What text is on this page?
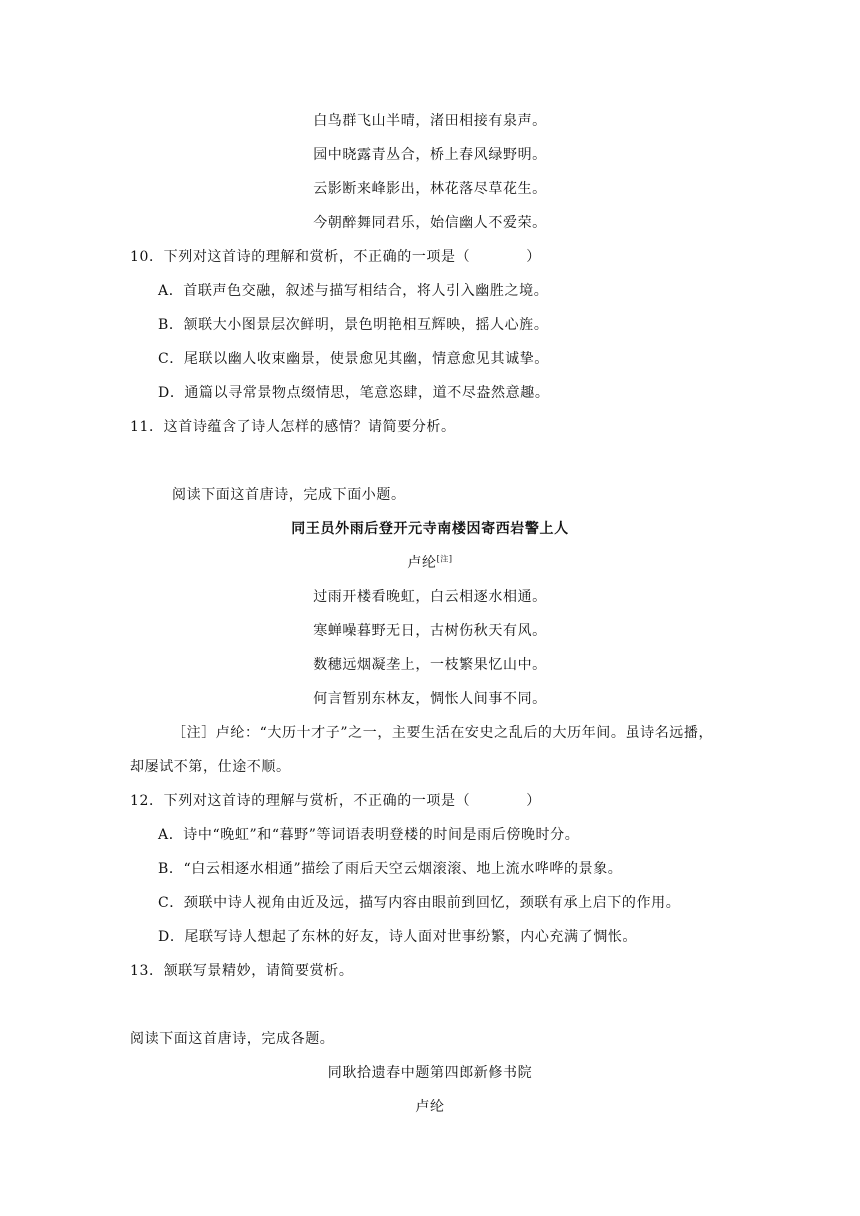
白鸟群飞山半晴，渚田相接有泉声。
园中晓露青丛合，桥上春风绿野明。
云影断来峰影出，林花落尽草花生。
今朝醉舞同君乐，始信幽人不爱荣。
10．下列对这首诗的理解和赏析，不正确的一项是（	）
A．首联声色交融，叙述与描写相结合，将人引入幽胜之境。
B．颔联大小图景层次鲜明，景色明艳相互辉映，摇人心旌。
C．尾联以幽人收束幽景，使景愈见其幽，情意愈见其诚挚。
D．通篇以寻常景物点缀情思，笔意恣肆，道不尽盎然意趣。
11．这首诗蕴含了诗人怎样的感情？请简要分析。
阅读下面这首唐诗，完成下面小题。
同王员外雨后登开元寺南楼因寄西岩警上人
卢纶[注]
过雨开楼看晚虹，白云相逐水相通。
寒蝉噪暮野无日，古树伤秋天有风。
数穗远烟凝垄上，一枝繁果忆山中。
何言暂别东林友，惆怅人间事不同。
［注］卢纶：“大历十才子”之一，主要生活在安史之乱后的大历年间。虽诗名远播，
却屡试不第，仕途不顺。
12．下列对这首诗的理解与赏析，不正确的一项是（	）
A．诗中“晚虹”和“暮野”等词语表明登楼的时间是雨后傍晚时分。
B．“白云相逐水相通”描绘了雨后天空云烟滚滚、地上流水哗哗的景象。
C．颈联中诗人视角由近及远，描写内容由眼前到回忆，颈联有承上启下的作用。
D．尾联写诗人想起了东林的好友，诗人面对世事纷繁，内心充满了惆怅。
13．颔联写景精妙，请简要赏析。
阅读下面这首唐诗，完成各题。
同耿拾遗春中题第四郎新修书院
卢纶
